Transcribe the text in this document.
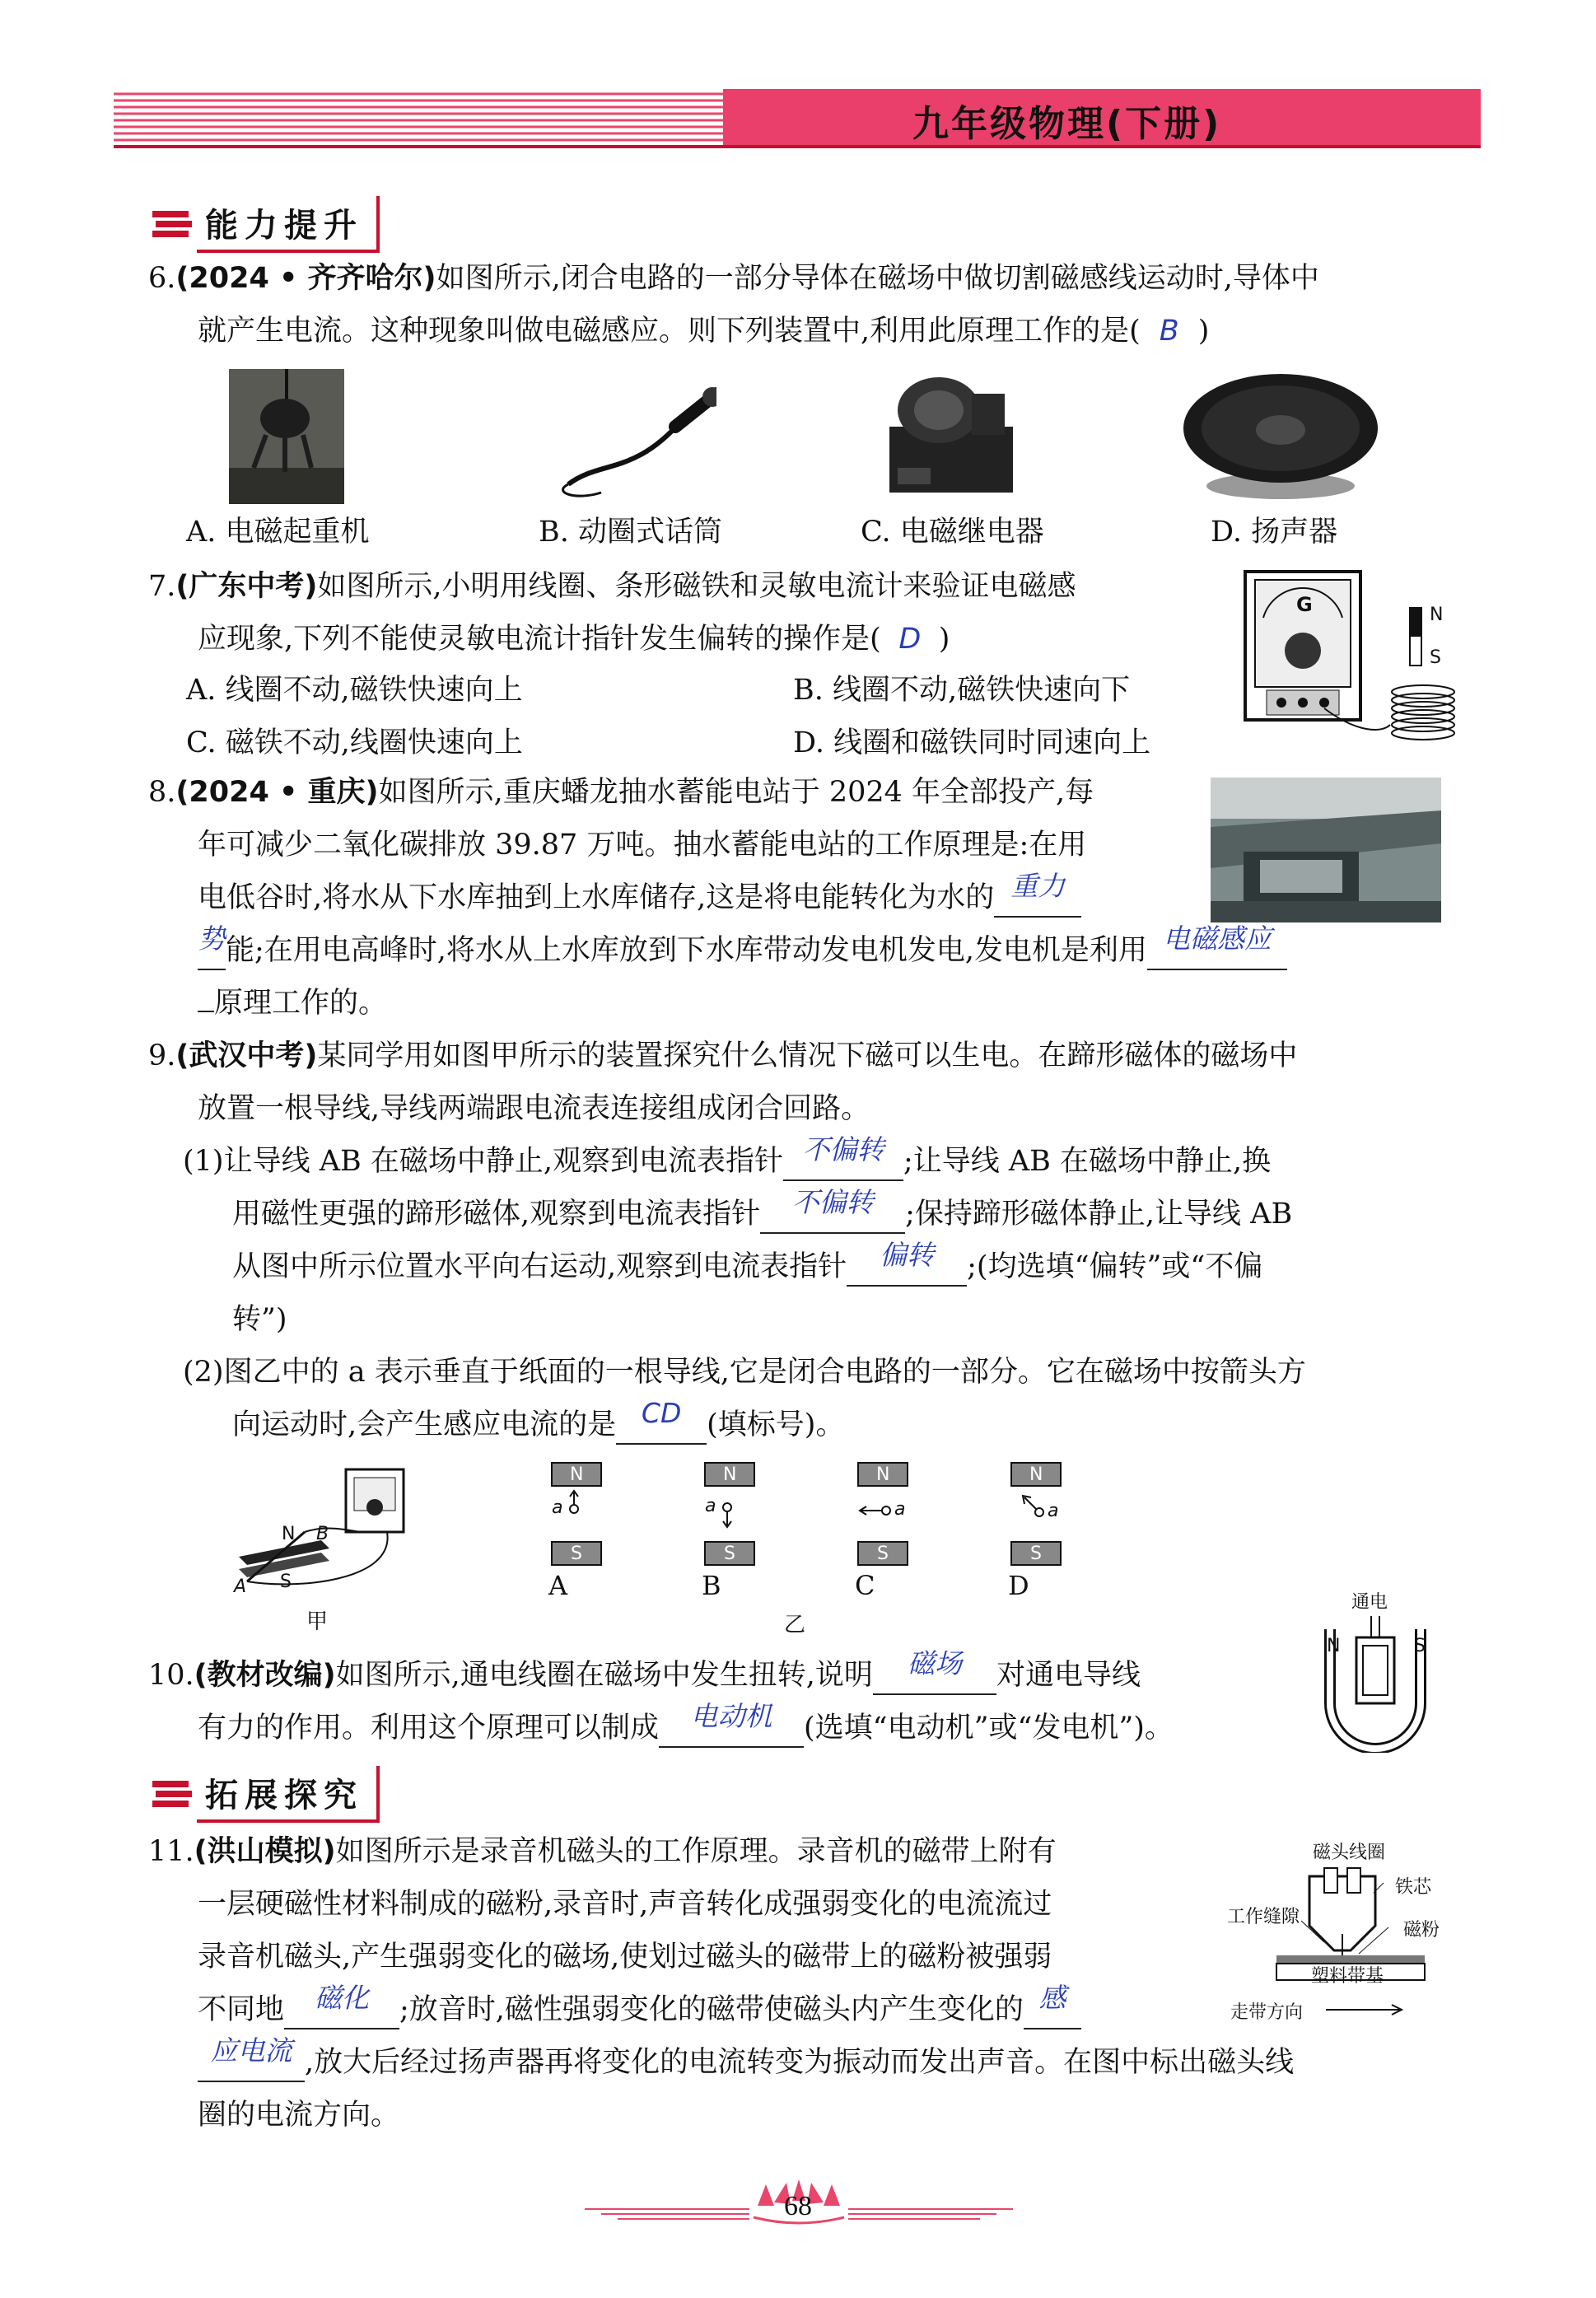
九年级物理(下册)
能力提升
6.(2024 • 齐齐哈尔)如图所示,闭合电路的一部分导体在磁场中做切割磁感线运动时,导体中
就产生电流。这种现象叫做电磁感应。则下列装置中,利用此原理工作的是( B )
A. 电磁起重机	B. 动圈式话筒	C. 电磁继电器	D. 扬声器
7.(广东中考)如图所示,小明用线圈、条形磁铁和灵敏电流计来验证电磁感
应现象,下列不能使灵敏电流计指针发生偏转的操作是( D )
A. 线圈不动,磁铁快速向上	B. 线圈不动,磁铁快速向下
C. 磁铁不动,线圈快速向上	D. 线圈和磁铁同时同速向上
G	N
S
8.(2024 • 重庆)如图所示,重庆蟠龙抽水蓄能电站于 2024 年全部投产,每
年可减少二氧化碳排放 39.87 万吨。抽水蓄能电站的工作原理是:在用
电低谷时,将水从下水库抽到上水库储存,这是将电能转化为水的 重力
势能;在用电高峰时,将水从上水库放到下水库带动发电机发电,发电机是利用 电磁感应
原理工作的。
9.(武汉中考)某同学用如图甲所示的装置探究什么情况下磁可以生电。在蹄形磁体的磁场中
放置一根导线,导线两端跟电流表连接组成闭合回路。
(1)让导线 AB 在磁场中静止,观察到电流表指针 不偏转 ;让导线 AB 在磁场中静止,换
用磁性更强的蹄形磁体,观察到电流表指针 不偏转 ;保持蹄形磁体静止,让导线 AB
从图中所示位置水平向右运动,观察到电流表指针 偏转 ;(均选填“偏转”或“不偏
转”)
(2)图乙中的 a 表示垂直于纸面的一根导线,它是闭合电路的一部分。它在磁场中按箭头方
向运动时,会产生感应电流的是 CD (填标号)。
N
S
A
B
甲
N	N	N	N
S	S	S	S
a	a	a	a
A	B	C	D
乙
10.(教材改编)如图所示,通电线圈在磁场中发生扭转,说明 磁场 对通电导线
有力的作用。利用这个原理可以制成 电动机 (选填“电动机”或“发电机”)。
通电
N	S
拓展探究
11.(洪山模拟)如图所示是录音机磁头的工作原理。录音机的磁带上附有
一层硬磁性材料制成的磁粉,录音时,声音转化成强弱变化的电流流过
录音机磁头,产生强弱变化的磁场,使划过磁头的磁带上的磁粉被强弱
不同地 磁化 ;放音时,磁性强弱变化的磁带使磁头内产生变化的 感
应电流 ,放大后经过扬声器再将变化的电流转变为振动而发出声音。在图中标出磁头线
圈的电流方向。
磁头线圈
铁芯
工作缝隙
磁粉
塑料带基
走带方向
68
